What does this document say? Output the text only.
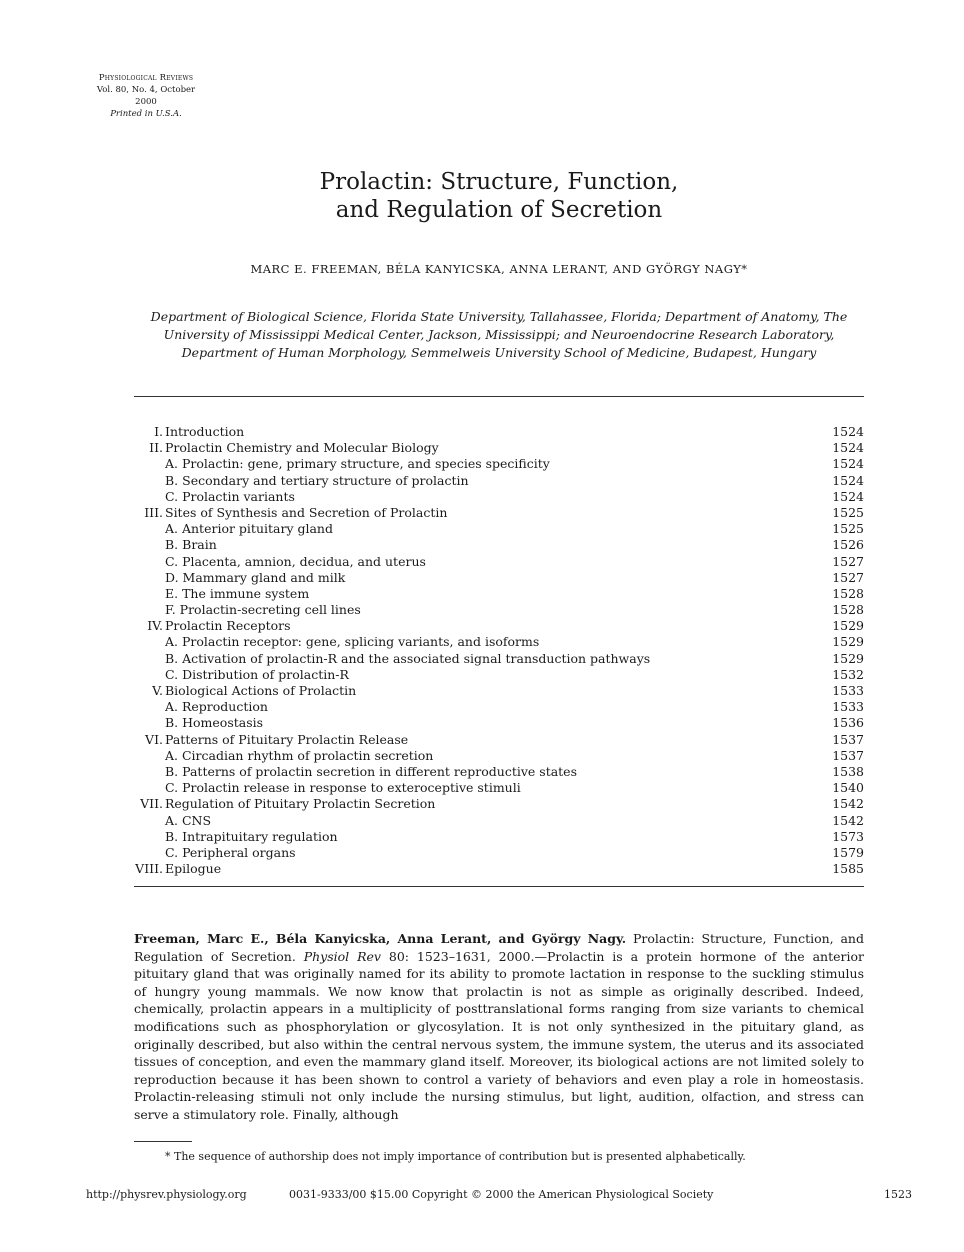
Physiological Reviews
Vol. 80, No. 4, October 2000
Printed in U.S.A.
Prolactin: Structure, Function,
and Regulation of Secretion
MARC E. FREEMAN, BÉLA KANYICSKA, ANNA LERANT, AND GYÖRGY NAGY*
Department of Biological Science, Florida State University, Tallahassee, Florida; Department of Anatomy, The
University of Mississippi Medical Center, Jackson, Mississippi; and Neuroendocrine Research Laboratory,
Department of Human Morphology, Semmelweis University School of Medicine, Budapest, Hungary
I. Introduction	1524
II. Prolactin Chemistry and Molecular Biology	1524
A. Prolactin: gene, primary structure, and species specificity	1524
B. Secondary and tertiary structure of prolactin	1524
C. Prolactin variants	1524
III. Sites of Synthesis and Secretion of Prolactin	1525
A. Anterior pituitary gland	1525
B. Brain	1526
C. Placenta, amnion, decidua, and uterus	1527
D. Mammary gland and milk	1527
E. The immune system	1528
F. Prolactin-secreting cell lines	1528
IV. Prolactin Receptors	1529
A. Prolactin receptor: gene, splicing variants, and isoforms	1529
B. Activation of prolactin-R and the associated signal transduction pathways	1529
C. Distribution of prolactin-R	1532
V. Biological Actions of Prolactin	1533
A. Reproduction	1533
B. Homeostasis	1536
VI. Patterns of Pituitary Prolactin Release	1537
A. Circadian rhythm of prolactin secretion	1537
B. Patterns of prolactin secretion in different reproductive states	1538
C. Prolactin release in response to exteroceptive stimuli	1540
VII. Regulation of Pituitary Prolactin Secretion	1542
A. CNS	1542
B. Intrapituitary regulation	1573
C. Peripheral organs	1579
VIII. Epilogue	1585
Freeman, Marc E., Béla Kanyicska, Anna Lerant, and György Nagy. Prolactin: Structure, Function, and Regulation of Secretion. Physiol Rev 80: 1523–1631, 2000.—Prolactin is a protein hormone of the anterior pituitary gland that was originally named for its ability to promote lactation in response to the suckling stimulus of hungry young mammals. We now know that prolactin is not as simple as originally described. Indeed, chemically, prolactin appears in a multiplicity of posttranslational forms ranging from size variants to chemical modifications such as phosphorylation or glycosylation. It is not only synthesized in the pituitary gland, as originally described, but also within the central nervous system, the immune system, the uterus and its associated tissues of conception, and even the mammary gland itself. Moreover, its biological actions are not limited solely to reproduction because it has been shown to control a variety of behaviors and even play a role in homeostasis. Prolactin-releasing stimuli not only include the nursing stimulus, but light, audition, olfaction, and stress can serve a stimulatory role. Finally, although
* The sequence of authorship does not imply importance of contribution but is presented alphabetically.
http://physrev.physiology.org	0031-9333/00 $15.00 Copyright © 2000 the American Physiological Society	1523
